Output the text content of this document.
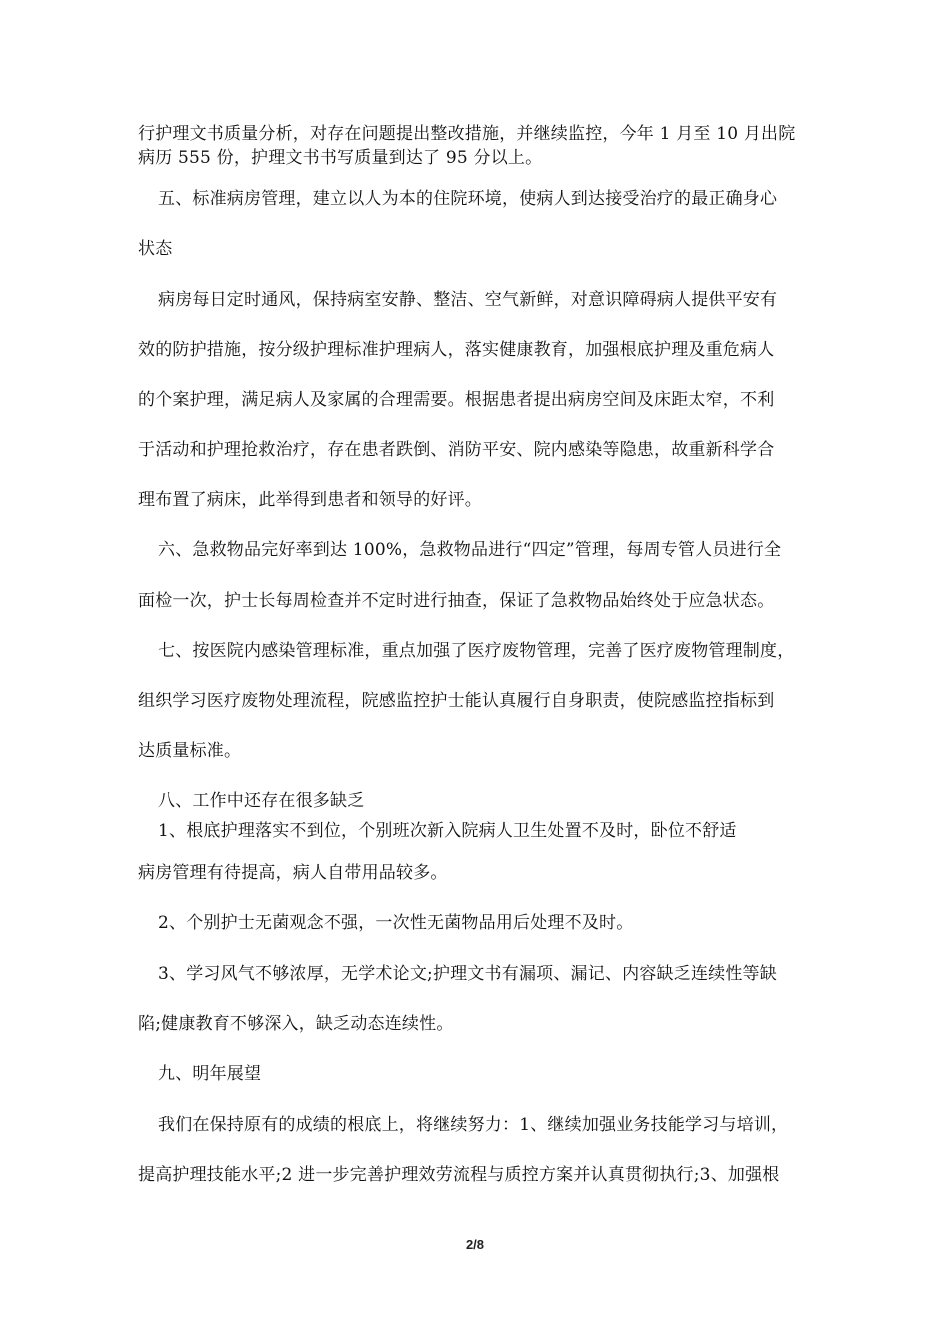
行护理文书质量分析，对存在问题提出整改措施，并继续监控，今年 1 月至 10 月出院
病历 555 份，护理文书书写质量到达了 95 分以上。
五、标准病房管理，建立以人为本的住院环境，使病人到达接受治疗的最正确身心
状态
病房每日定时通风，保持病室安静、整洁、空气新鲜，对意识障碍病人提供平安有
效的防护措施，按分级护理标准护理病人，落实健康教育，加强根底护理及重危病人
的个案护理，满足病人及家属的合理需要。根据患者提出病房空间及床距太窄，不利
于活动和护理抢救治疗，存在患者跌倒、消防平安、院内感染等隐患，故重新科学合
理布置了病床，此举得到患者和领导的好评。
六、急救物品完好率到达 100%，急救物品进行“四定”管理，每周专管人员进行全
面检一次，护士长每周检查并不定时进行抽查，保证了急救物品始终处于应急状态。
七、按医院内感染管理标准，重点加强了医疗废物管理，完善了医疗废物管理制度，
组织学习医疗废物处理流程，院感监控护士能认真履行自身职责，使院感监控指标到
达质量标准。
八、工作中还存在很多缺乏
1、根底护理落实不到位，个别班次新入院病人卫生处置不及时，卧位不舒适
病房管理有待提高，病人自带用品较多。
2、个别护士无菌观念不强，一次性无菌物品用后处理不及时。
3、学习风气不够浓厚，无学术论文;护理文书有漏项、漏记、内容缺乏连续性等缺
陷;健康教育不够深入，缺乏动态连续性。
九、明年展望
我们在保持原有的成绩的根底上，将继续努力：1、继续加强业务技能学习与培训，
提高护理技能水平;2 进一步完善护理效劳流程与质控方案并认真贯彻执行;3、加强根
2/8
